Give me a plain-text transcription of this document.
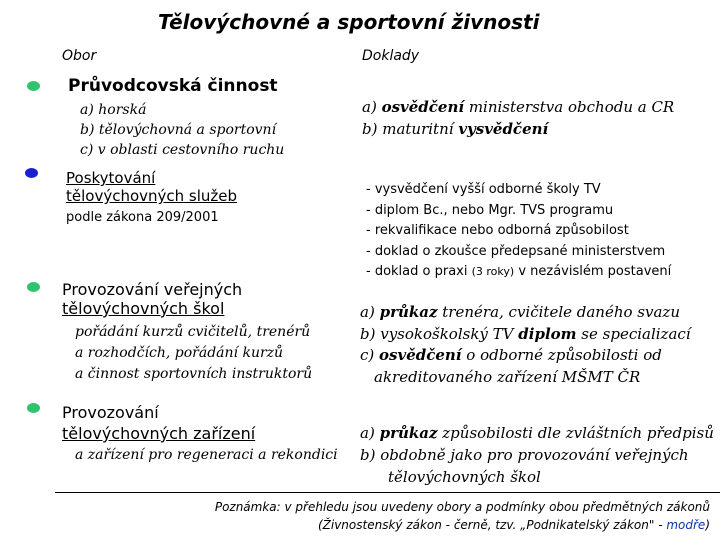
Tělovýchovné a sportovní živnosti
Obor	Doklady
Průvodcovská činnost
a) horská
b) tělovýchovná a sportovní
c) v oblasti cestovního ruchu
a) osvědčení ministerstva obchodu a CR
b) maturitní vysvědčení
Poskytování
tělovýchovných služeb
podle zákona 209/2001
- vysvědčení vyšší odborné školy TV
- diplom Bc., nebo Mgr. TVS programu
- rekvalifikace nebo odborná způsobilost
- doklad o zkoušce předepsané ministerstvem
- doklad o praxi (3 roky) v nezávislém postavení
Provozování veřejných
tělovýchovných škol
pořádání kurzů cvičitelů, trenérů
a rozhodčích, pořádání kurzů
a činnost sportovních instruktorů
a) průkaz trenéra, cvičitele daného svazu
b) vysokoškolský TV diplom se specializací
c) osvědčení o odborné způsobilosti od
akreditovaného zařízení MŠMT ČR
Provozování
tělovýchovných zařízení
a zařízení pro regeneraci a rekondici
a) průkaz způsobilosti dle zvláštních předpisů
b) obdobně jako pro provozování veřejných
tělovýchovných škol
Poznámka: v přehledu jsou uvedeny obory a podmínky obou předmětných zákonů
(Živnostenský zákon - černě, tzv. „Podnikatelský zákon" - modře)
